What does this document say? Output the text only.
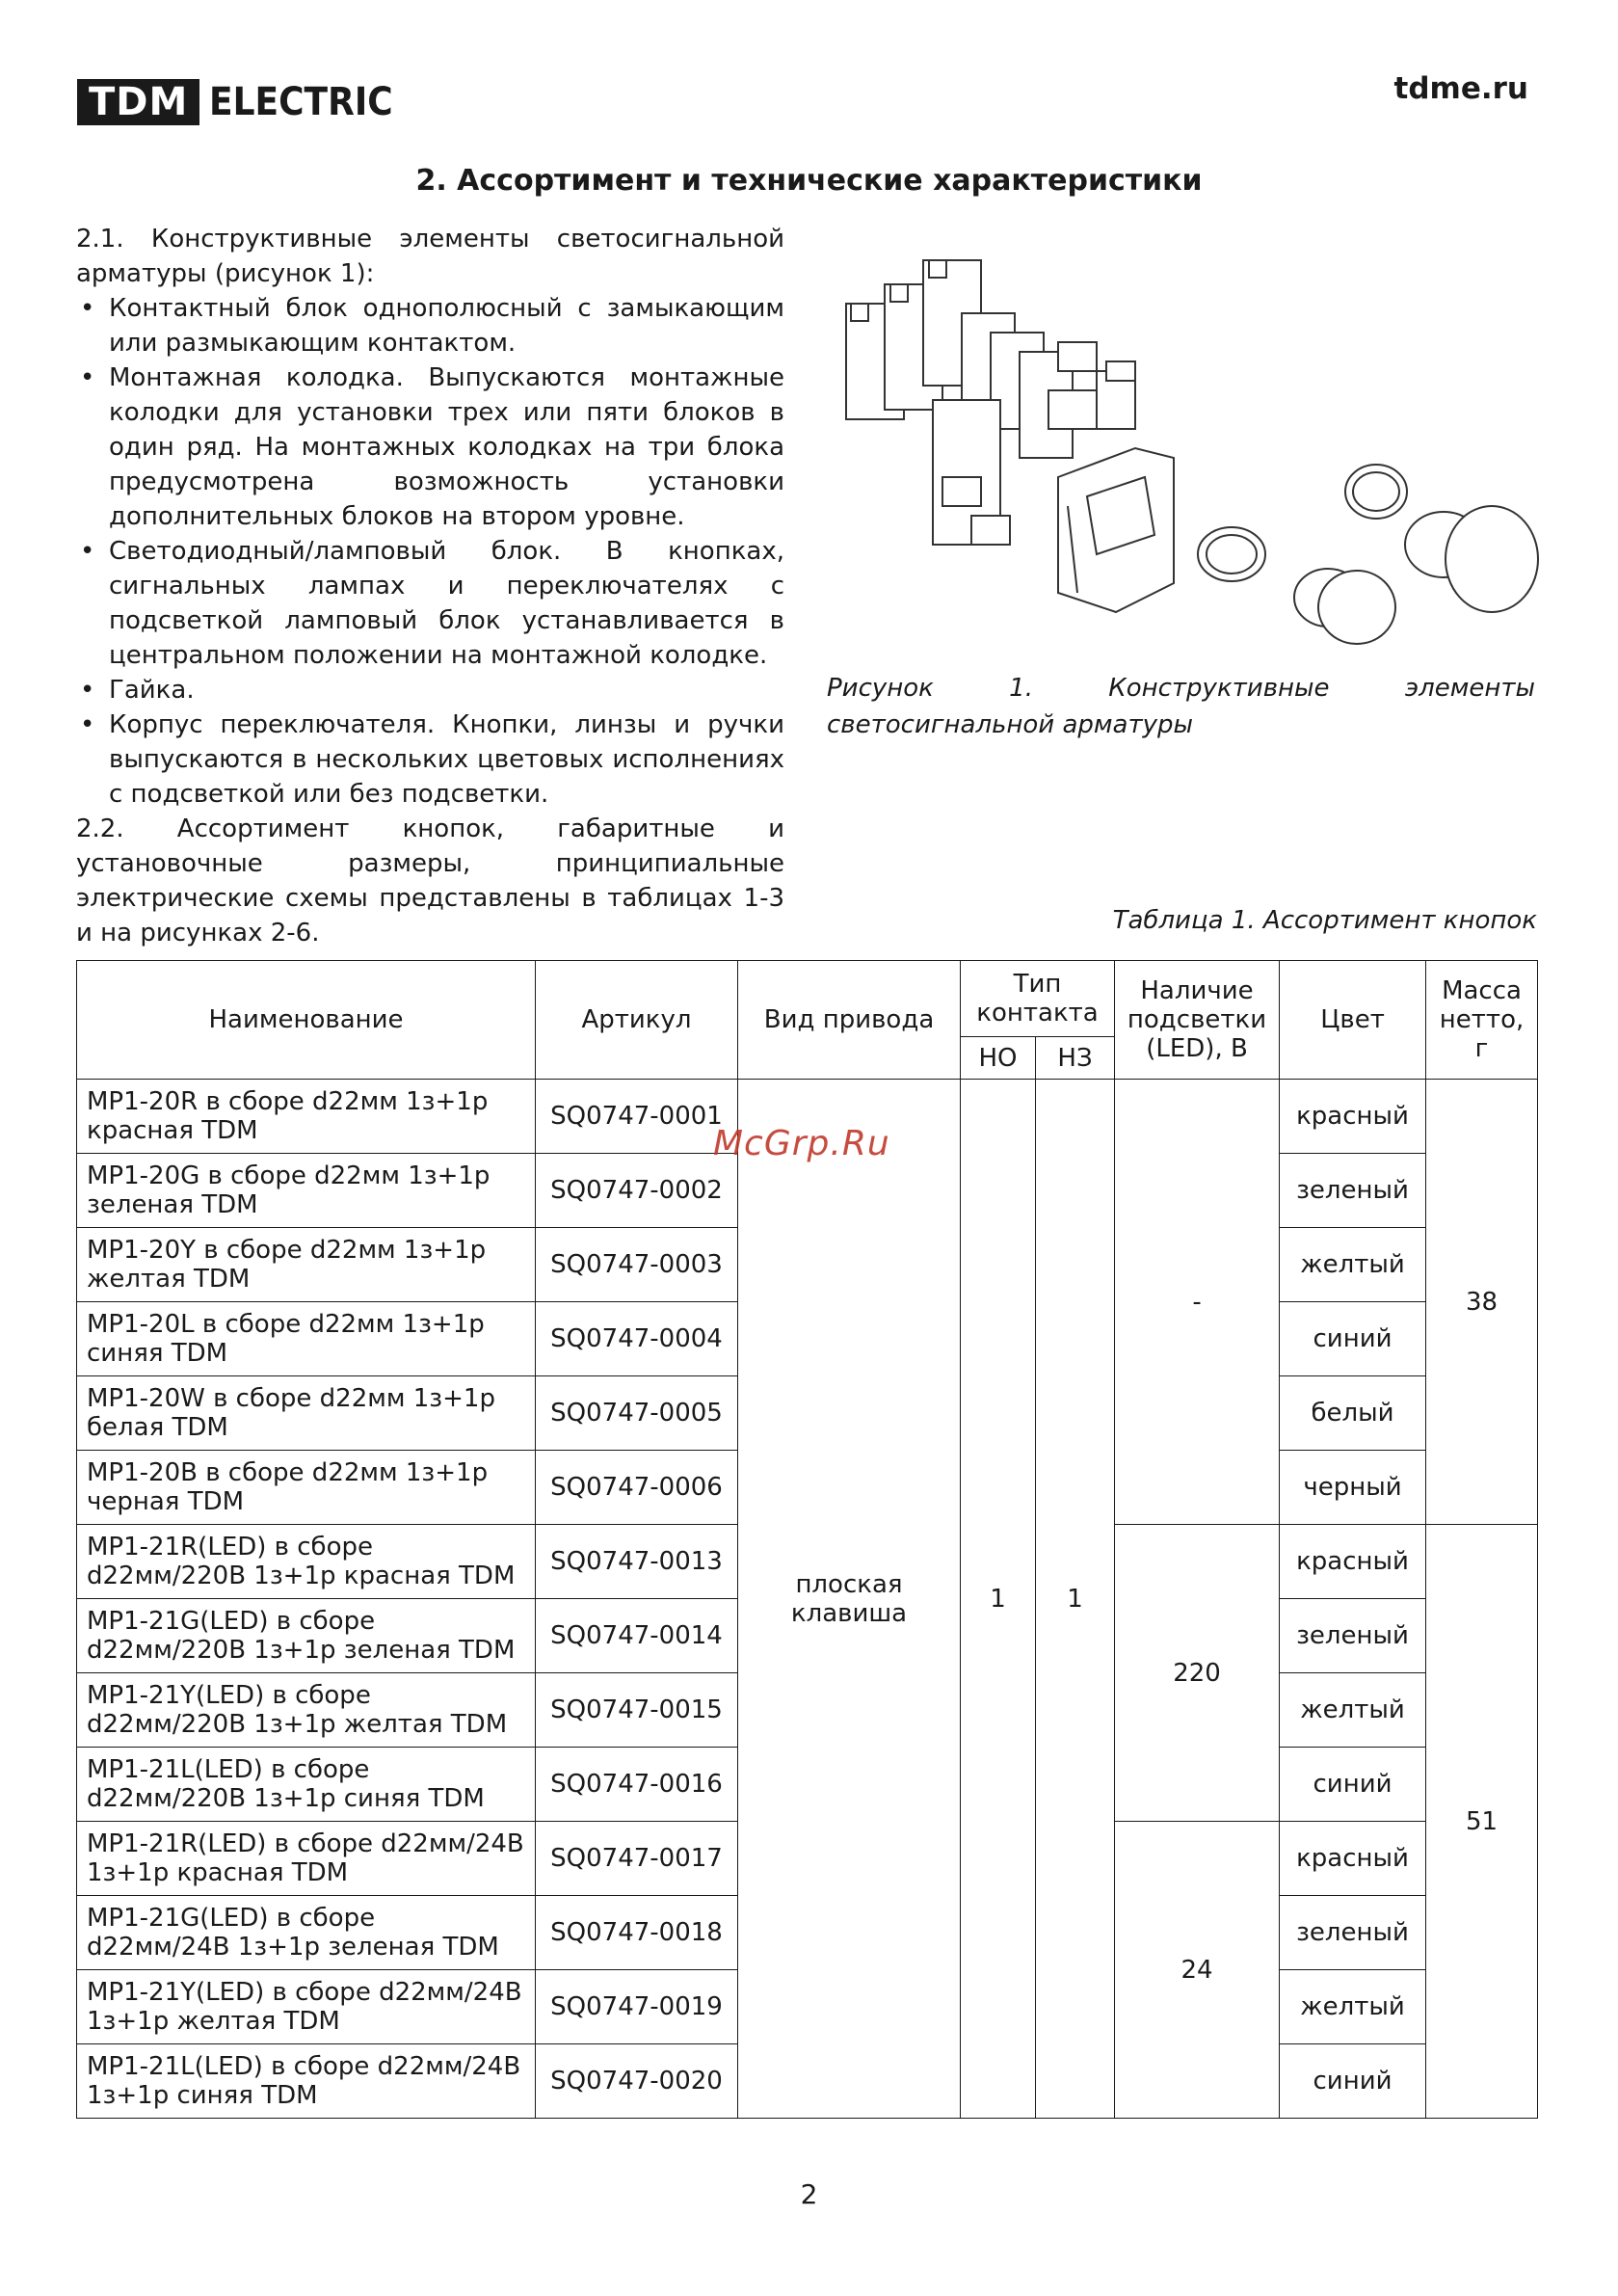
TDM ELECTRIC	tdme.ru
2. Ассортимент и технические характеристики

2.1. Конструктивные элементы светосигнальной арматуры (рисунок 1):

• Контактный блок однополюсный с замыкающим или размыкающим контактом.
• Монтажная колодка. Выпускаются монтажные колодки для установки трех или пяти блоков в один ряд. На монтажных колодках на три блока предусмотрена возможность установки дополнительных блоков на втором уровне.
• Светодиодный/ламповый блок. В кнопках, сигнальных лампах и переключателях с подсветкой ламповый блок устанавливается в центральном положении на монтажной колодке.
• Гайка.
• Корпус переключателя. Кнопки, линзы и ручки выпускаются в нескольких цветовых исполнениях с подсветкой или без подсветки.

2.2. Ассортимент кнопок, габаритные и установочные размеры, принципиальные электрические схемы представлены в таблицах 1-3 и на рисунках 2-6.

Рисунок 1. Конструктивные элементы светосигнальной арматуры
Таблица 1. Ассортимент кнопок
Наименование	Артикул	Вид привода	Тип контакта		Наличие подсветки (LED), В	Цвет	Масса нетто, г
			НО	НЗ			
MP1-20R в сборе d22мм 1з+1р красная TDM	SQ0747-0001	плоская клавиша	1	1	-	красный	38
MP1-20G в сборе d22мм 1з+1р зеленая TDM	SQ0747-0002					зеленый	
MP1-20Y в сборе d22мм 1з+1р желтая TDM	SQ0747-0003					желтый	
MP1-20L в сборе d22мм 1з+1р синяя TDM	SQ0747-0004					синий	
MP1-20W в сборе d22мм 1з+1р белая TDM	SQ0747-0005					белый	
MP1-20B в сборе d22мм 1з+1р черная TDM	SQ0747-0006					черный	
MP1-21R(LED) в сборе d22мм/220В 1з+1р красная TDM	SQ0747-0013				220	красный	51
MP1-21G(LED) в сборе d22мм/220В 1з+1р зеленая TDM	SQ0747-0014					зеленый	
MP1-21Y(LED) в сборе d22мм/220В 1з+1р желтая TDM	SQ0747-0015					желтый	
MP1-21L(LED) в сборе d22мм/220В 1з+1р синяя TDM	SQ0747-0016					синий	
MP1-21R(LED) в сборе d22мм/24В 1з+1р красная TDM	SQ0747-0017				24	красный	
MP1-21G(LED) в сборе d22мм/24В 1з+1р зеленая TDM	SQ0747-0018					зеленый	
MP1-21Y(LED) в сборе d22мм/24В 1з+1р желтая TDM	SQ0747-0019					желтый	
MP1-21L(LED) в сборе d22мм/24В 1з+1р синяя TDM	SQ0747-0020					синий	
McGrp.Ru
2
